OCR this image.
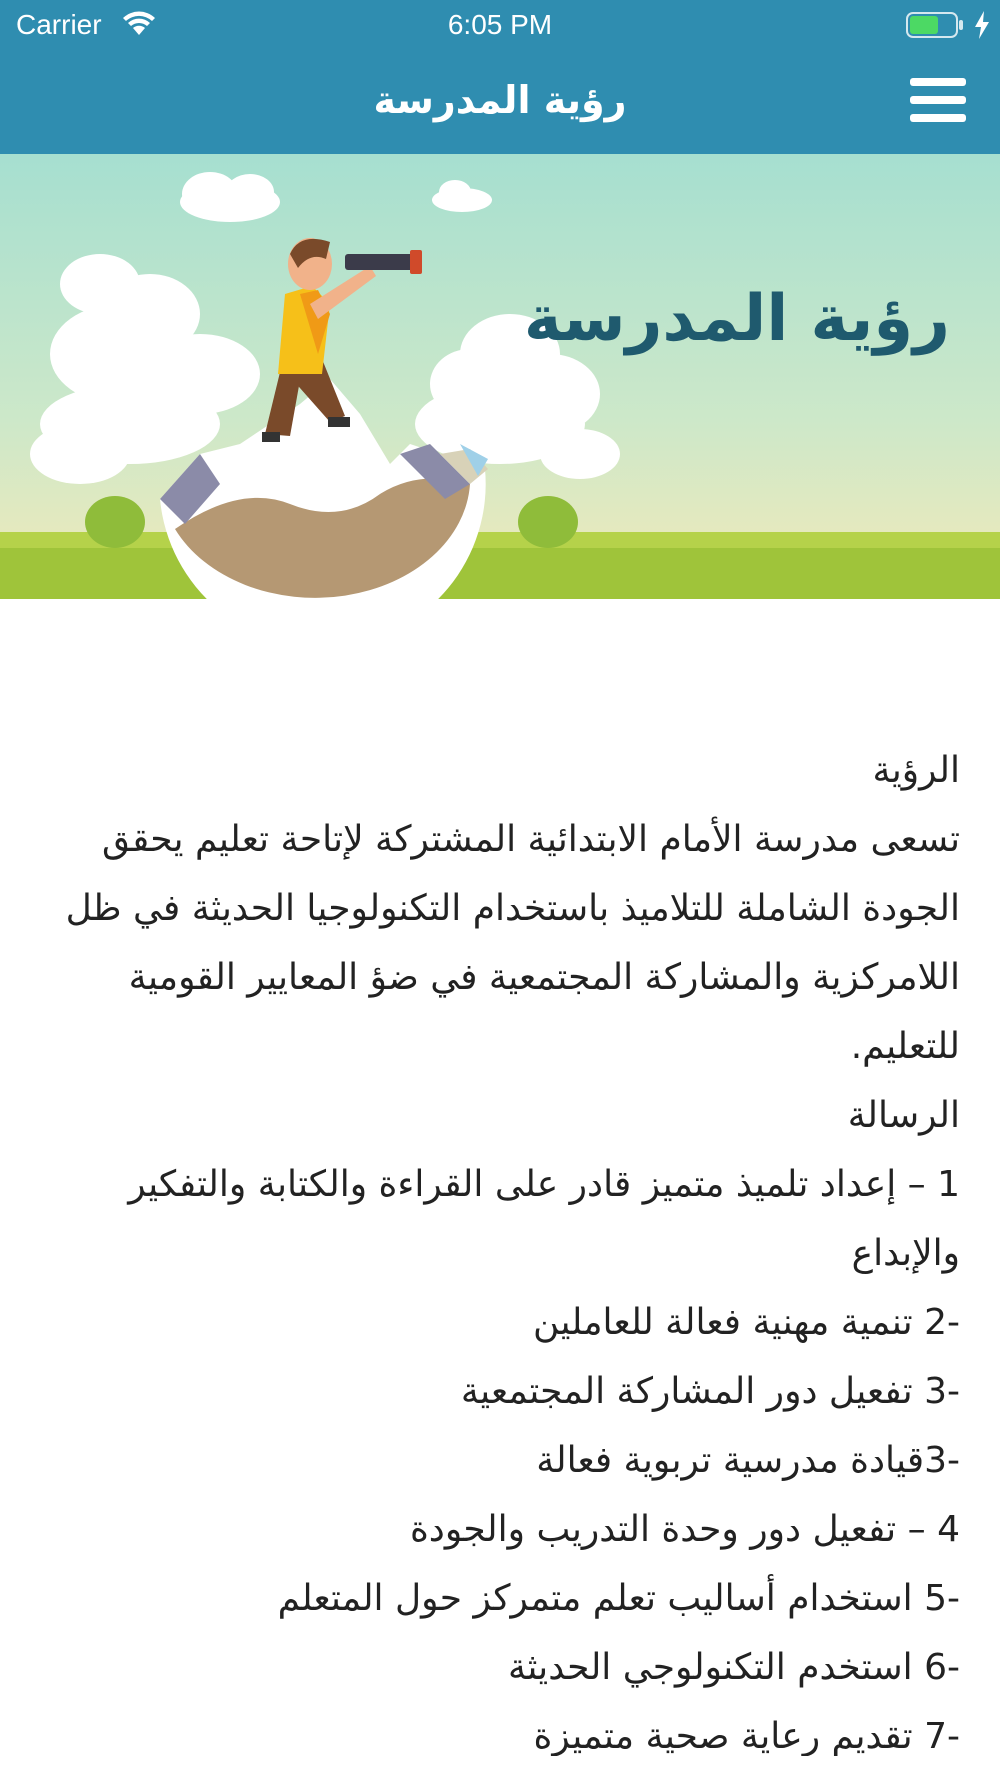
Carrier	6:05 PM
رؤية المدرسة
رؤية المدرسة

الرؤية

تسعى مدرسة الأمام الابتدائية المشتركة لإتاحة تعليم يحقق الجودة الشاملة للتلاميذ باستخدام التكنولوجيا الحديثة في ظل اللامركزية والمشاركة المجتمعية في ضؤ المعايير القومية للتعليم.

الرسالة

1 – إعداد تلميذ متميز قادر على القراءة والكتابة والتفكير والإبداع

-2 تنمية مهنية فعالة للعاملين

-3 تفعيل دور المشاركة المجتمعية

-3قيادة مدرسية تربوية فعالة

4 – تفعيل دور وحدة التدريب والجودة

-5 استخدام أساليب تعلم متمركز حول المتعلم

-6 استخدم التكنولوجي الحديثة

-7 تقديم رعاية صحية متميزة
